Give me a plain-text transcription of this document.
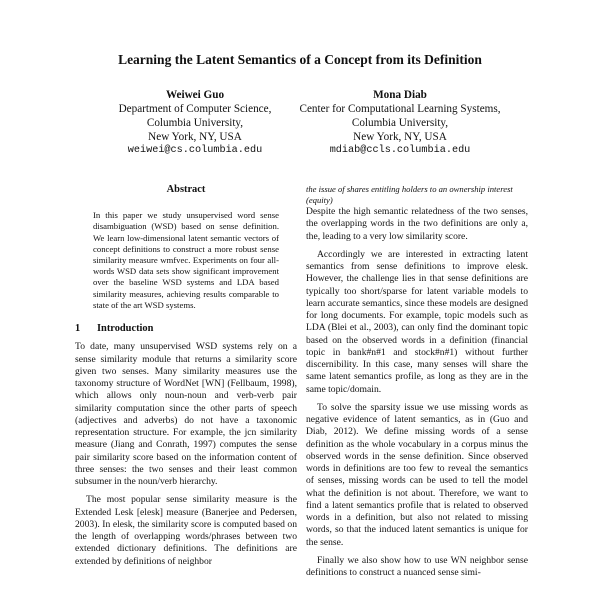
Learning the Latent Semantics of a Concept from its Definition
Weiwei Guo
Department of Computer Science,
Columbia University,
New York, NY, USA
weiwei@cs.columbia.edu
Mona Diab
Center for Computational Learning Systems,
Columbia University,
New York, NY, USA
mdiab@ccls.columbia.edu
Abstract

In this paper we study unsupervised word sense disambiguation (WSD) based on sense definition. We learn low-dimensional latent semantic vectors of concept definitions to construct a more robust sense similarity measure wmfvec. Experiments on four all-words WSD data sets show significant improvement over the baseline WSD systems and LDA based similarity measures, achieving results comparable to state of the art WSD systems.

1 Introduction

To date, many unsupervised WSD systems rely on a sense similarity module that returns a similarity score given two senses. Many similarity measures use the taxonomy structure of WordNet [WN] (Fellbaum, 1998), which allows only noun-noun and verb-verb pair similarity computation since the other parts of speech (adjectives and adverbs) do not have a taxonomic representation structure. For example, the jcn similarity measure (Jiang and Conrath, 1997) computes the sense pair similarity score based on the information content of three senses: the two senses and their least common subsumer in the noun/verb hierarchy.

The most popular sense similarity measure is the Extended Lesk [elesk] measure (Banerjee and Pedersen, 2003). In elesk, the similarity score is computed based on the length of overlapping words/phrases between two extended dictionary definitions. The definitions are extended by definitions of neighbor

the issue of shares entitling holders to an ownership interest (equity)

Despite the high semantic relatedness of the two senses, the overlapping words in the two definitions are only a, the, leading to a very low similarity score.

Accordingly we are interested in extracting latent semantics from sense definitions to improve elesk. However, the challenge lies in that sense definitions are typically too short/sparse for latent variable models to learn accurate semantics, since these models are designed for long documents. For example, topic models such as LDA (Blei et al., 2003), can only find the dominant topic based on the observed words in a definition (financial topic in bank#n#1 and stock#n#1) without further discernibility. In this case, many senses will share the same latent semantics profile, as long as they are in the same topic/domain.

To solve the sparsity issue we use missing words as negative evidence of latent semantics, as in (Guo and Diab, 2012). We define missing words of a sense definition as the whole vocabulary in a corpus minus the observed words in the sense definition. Since observed words in definitions are too few to reveal the semantics of senses, missing words can be used to tell the model what the definition is not about. Therefore, we want to find a latent semantics profile that is related to observed words in a definition, but also not related to missing words, so that the induced latent semantics is unique for the sense.

Finally we also show how to use WN neighbor sense definitions to construct a nuanced sense simi-
